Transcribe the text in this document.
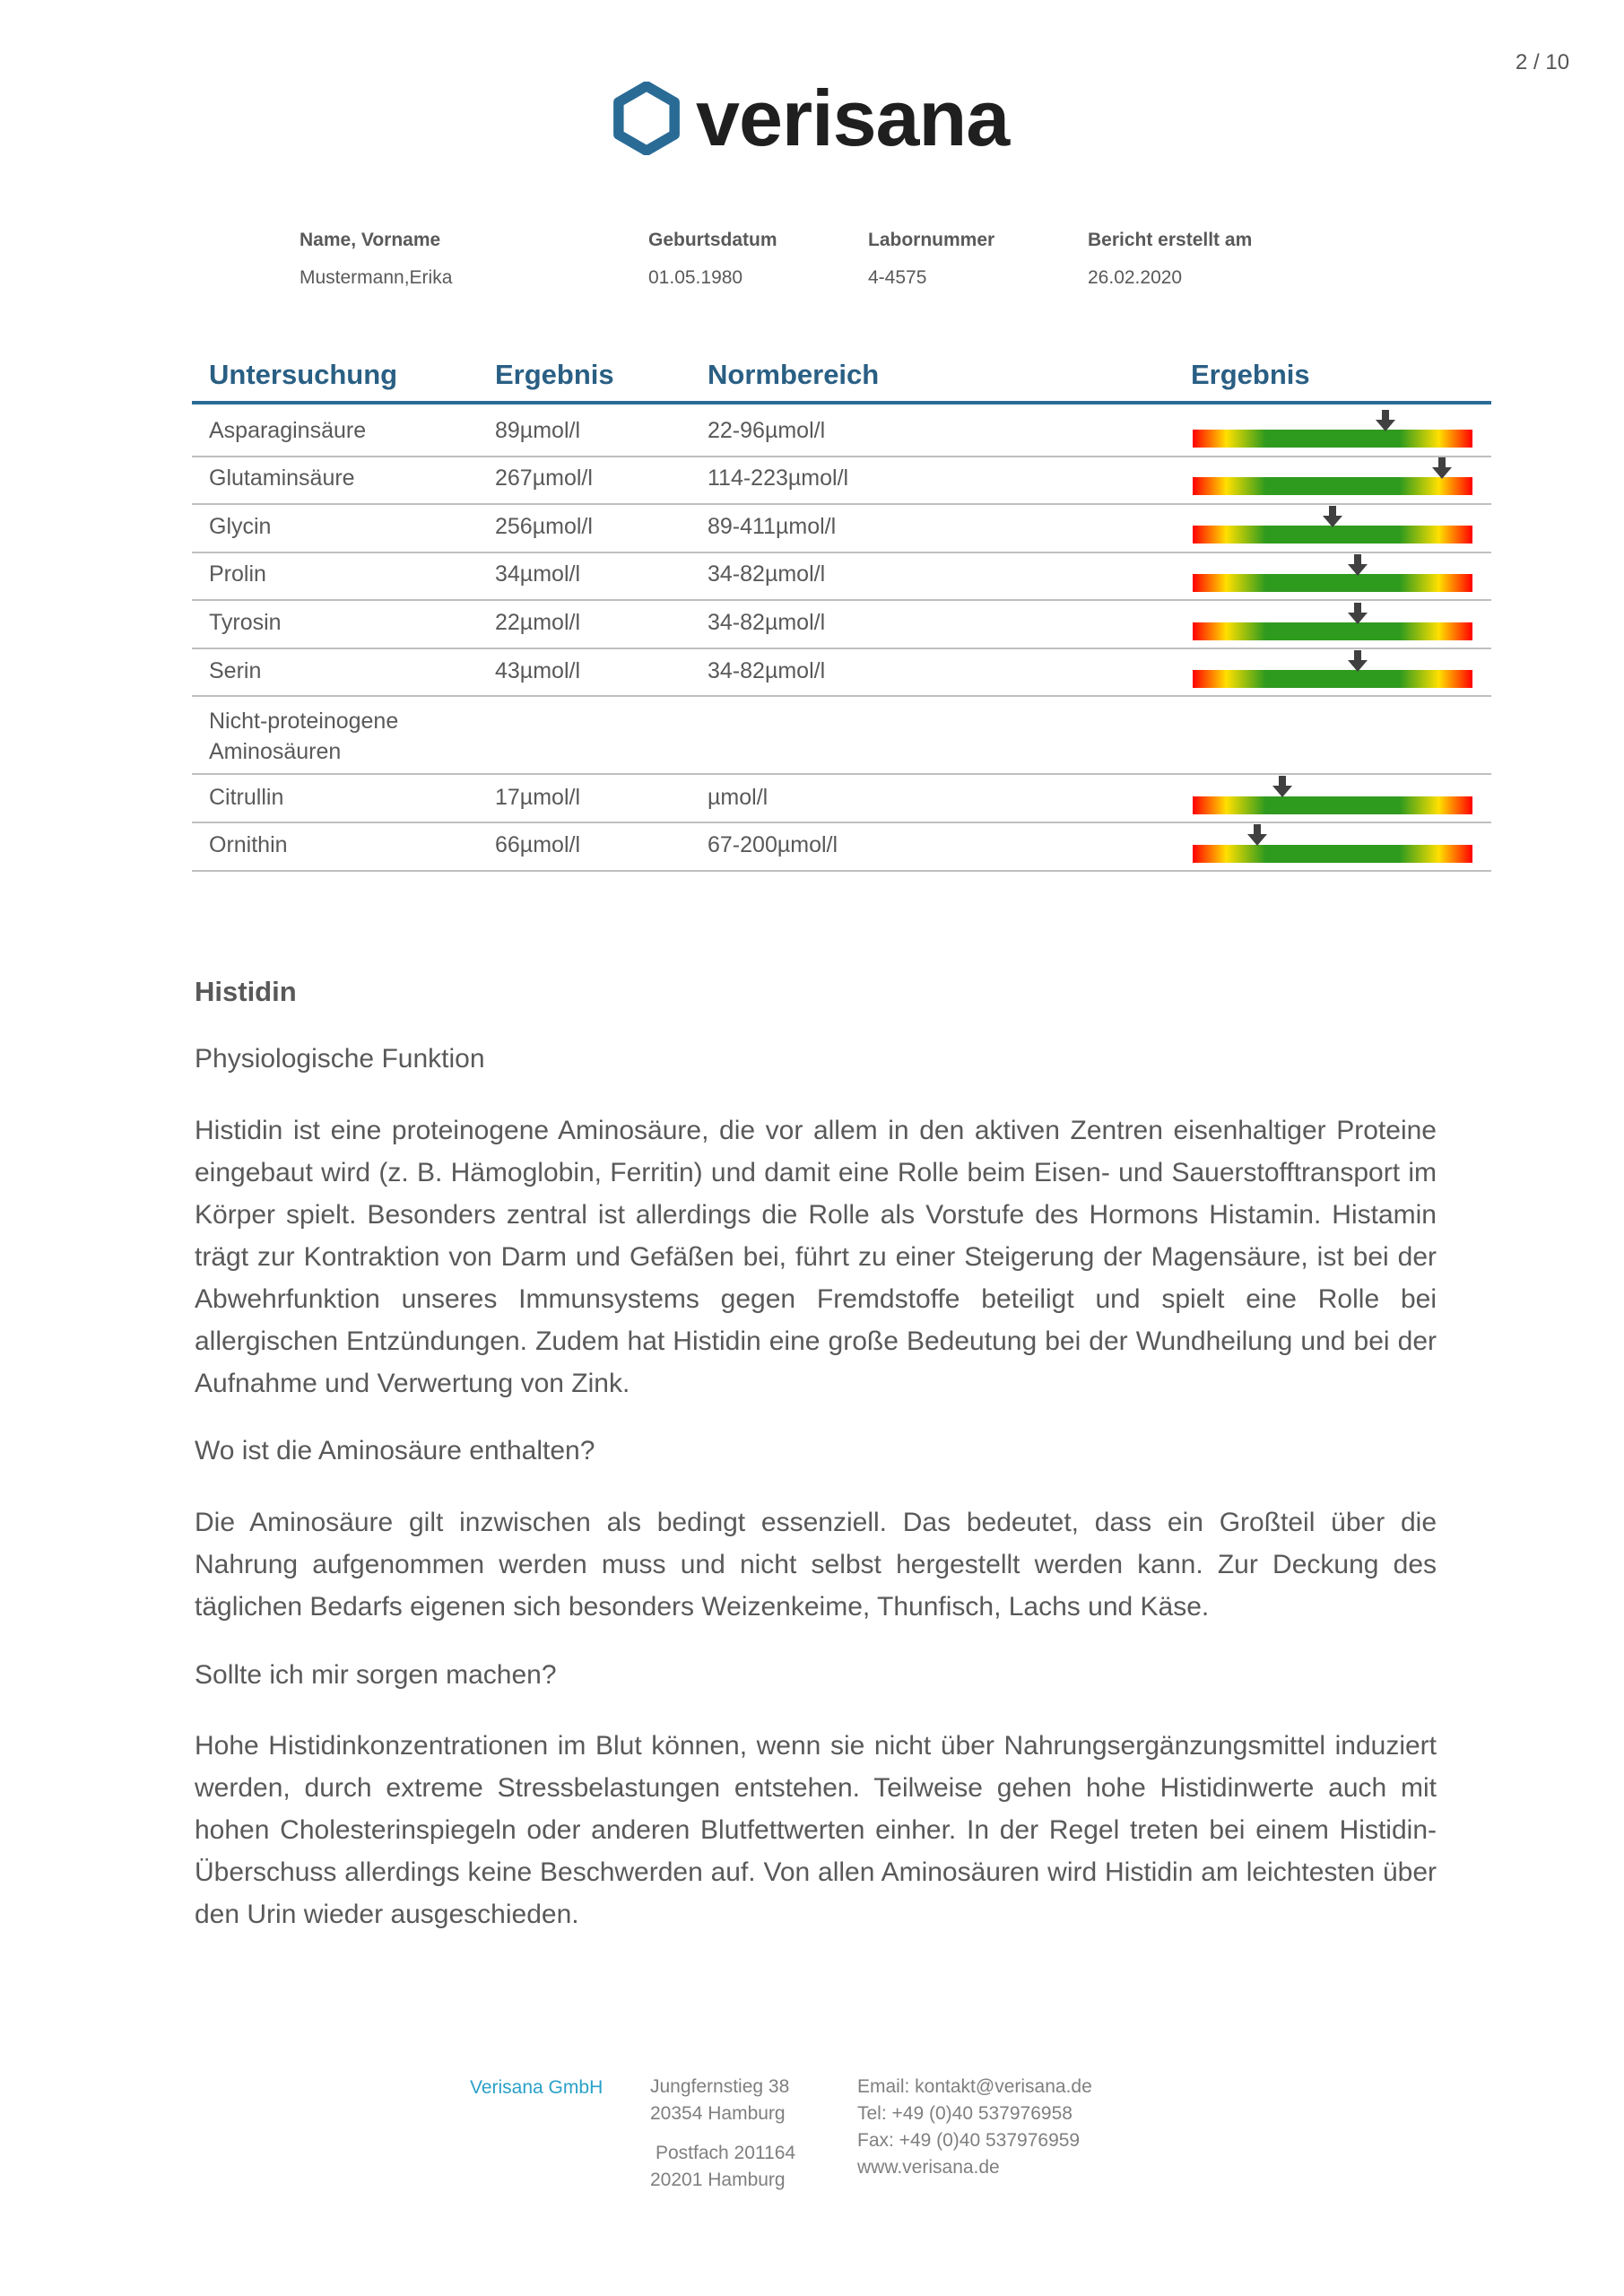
2 / 10
verisana
Name, Vorname
Mustermann,Erika
Geburtsdatum
01.05.1980
Labornummer
4-4575
Bericht erstellt am
26.02.2020
Untersuchung	Ergebnis	Normbereich	Ergebnis
Asparaginsäure	89µmol/l	22-96µmol/l
Glutaminsäure	267µmol/l	114-223µmol/l
Glycin	256µmol/l	89-411µmol/l
Prolin	34µmol/l	34-82µmol/l
Tyrosin	22µmol/l	34-82µmol/l
Serin	43µmol/l	34-82µmol/l
Nicht-proteinogene Aminosäuren
Citrullin	17µmol/l	µmol/l
Ornithin	66µmol/l	67-200µmol/l
Histidin
Physiologische Funktion

Histidin ist eine proteinogene Aminosäure, die vor allem in den aktiven Zentren eisenhaltiger Proteine eingebaut wird (z. B. Hämoglobin, Ferritin) und damit eine Rolle beim Eisen- und Sauerstofftransport im Körper spielt. Besonders zentral ist allerdings die Rolle als Vorstufe des Hormons Histamin. Histamin trägt zur Kontraktion von Darm und Gefäßen bei, führt zu einer Steigerung der Magensäure, ist bei der Abwehrfunktion unseres Immunsystems gegen Fremdstoffe beteiligt und spielt eine Rolle bei allergischen Entzündungen. Zudem hat Histidin eine große Bedeutung bei der Wundheilung und bei der Aufnahme und Verwertung von Zink.

Wo ist die Aminosäure enthalten?

Die Aminosäure gilt inzwischen als bedingt essenziell. Das bedeutet, dass ein Großteil über die Nahrung aufgenommen werden muss und nicht selbst hergestellt werden kann. Zur Deckung des täglichen Bedarfs eigenen sich besonders Weizenkeime, Thunfisch, Lachs und Käse.

Sollte ich mir sorgen machen?

Hohe Histidinkonzentrationen im Blut können, wenn sie nicht über Nahrungsergänzungsmittel induziert werden, durch extreme Stressbelastungen entstehen. Teilweise gehen hohe Histidinwerte auch mit hohen Cholesterinspiegeln oder anderen Blutfettwerten einher. In der Regel treten bei einem Histidin-Überschuss allerdings keine Beschwerden auf. Von allen Aminosäuren wird Histidin am leichtesten über den Urin wieder ausgeschieden.

Verisana GmbH	Jungfernstieg 38
20354 Hamburg
Postfach 201164
20201 Hamburg
Email: kontakt@verisana.de
Tel: +49 (0)40 537976958
Fax: +49 (0)40 537976959
www.verisana.de
